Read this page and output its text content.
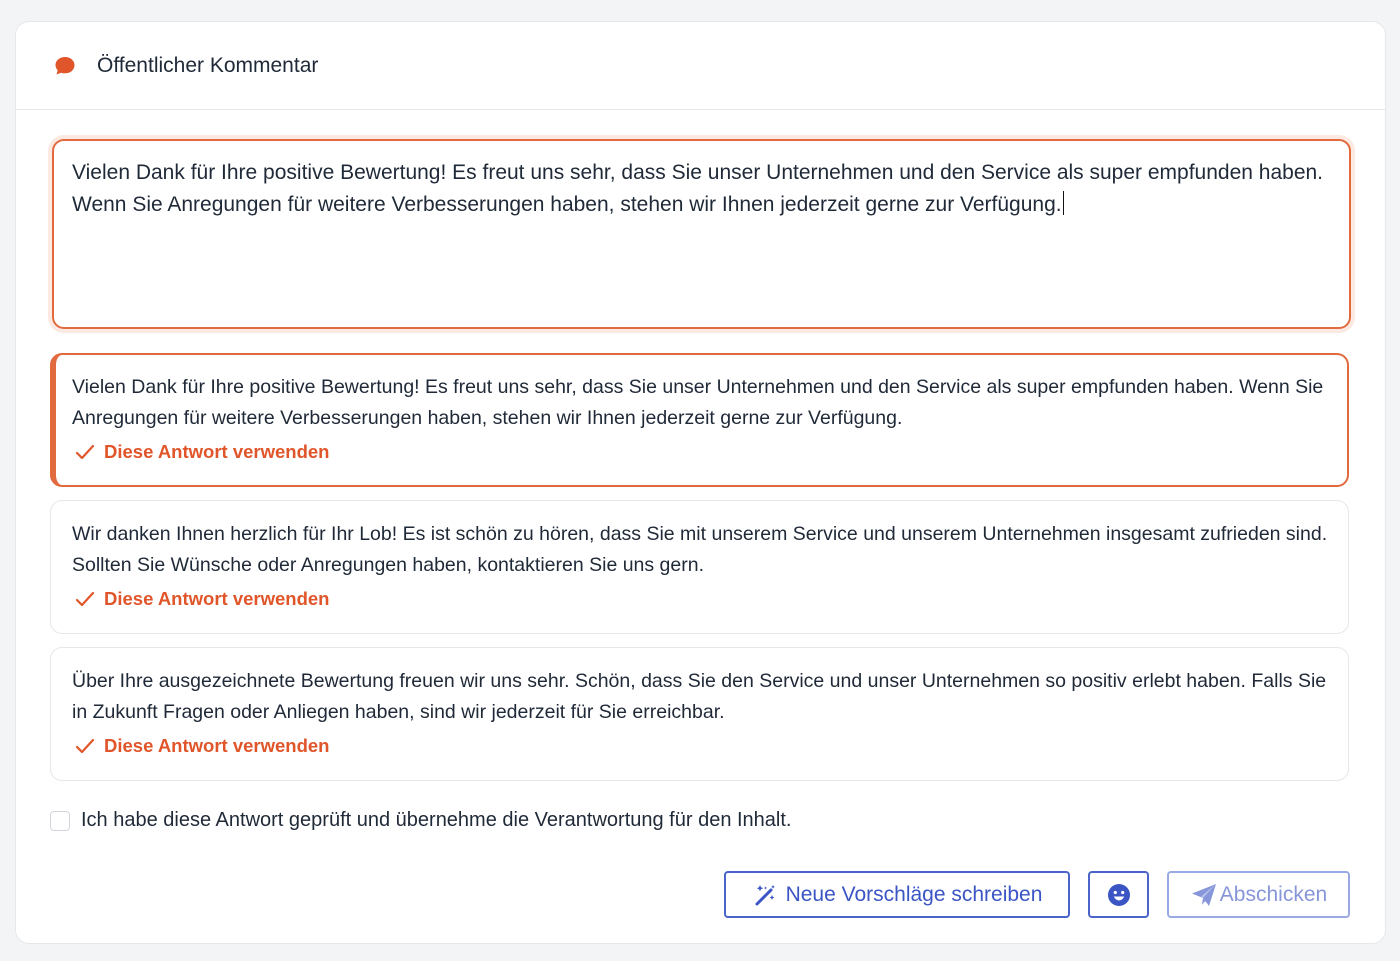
Öffentlicher Kommentar
Vielen Dank für Ihre positive Bewertung! Es freut uns sehr, dass Sie unser Unternehmen und den Service als super empfunden haben. Wenn Sie Anregungen für weitere Verbesserungen haben, stehen wir Ihnen jederzeit gerne zur Verfügung.
Vielen Dank für Ihre positive Bewertung! Es freut uns sehr, dass Sie unser Unternehmen und den Service als super empfunden haben. Wenn Sie Anregungen für weitere Verbesserungen haben, stehen wir Ihnen jederzeit gerne zur Verfügung.
Diese Antwort verwenden
Wir danken Ihnen herzlich für Ihr Lob! Es ist schön zu hören, dass Sie mit unserem Service und unserem Unternehmen insgesamt zufrieden sind. Sollten Sie Wünsche oder Anregungen haben, kontaktieren Sie uns gern.
Diese Antwort verwenden
Über Ihre ausgezeichnete Bewertung freuen wir uns sehr. Schön, dass Sie den Service und unser Unternehmen so positiv erlebt haben. Falls Sie in Zukunft Fragen oder Anliegen haben, sind wir jederzeit für Sie erreichbar.
Diese Antwort verwenden
Ich habe diese Antwort geprüft und übernehme die Verantwortung für den Inhalt.
Neue Vorschläge schreiben	Abschicken
